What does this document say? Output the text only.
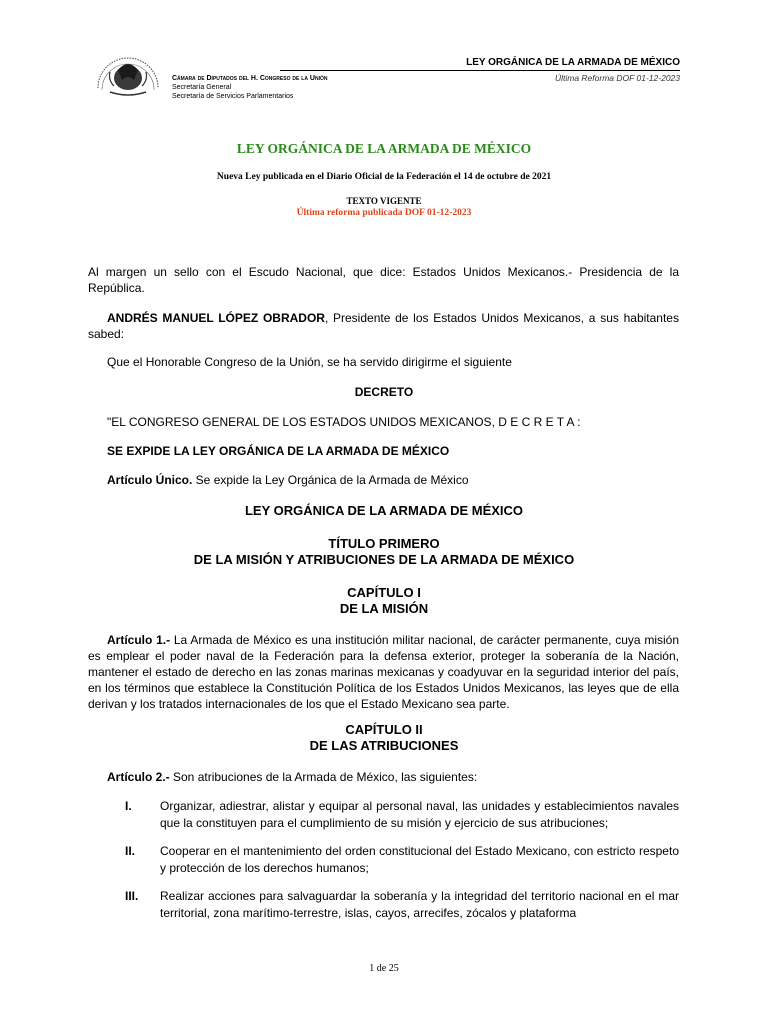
Cámara de Diputados del H. Congreso de la Unión
Secretaría General
Secretaría de Servicios Parlamentarios
LEY ORGÁNICA DE LA ARMADA DE MÉXICO
Última Reforma DOF 01-12-2023
LEY ORGÁNICA DE LA ARMADA DE MÉXICO
Nueva Ley publicada en el Diario Oficial de la Federación el 14 de octubre de 2021
TEXTO VIGENTE
Última reforma publicada DOF 01-12-2023
Al margen un sello con el Escudo Nacional, que dice: Estados Unidos Mexicanos.- Presidencia de la República.
ANDRÉS MANUEL LÓPEZ OBRADOR, Presidente de los Estados Unidos Mexicanos, a sus habitantes sabed:
Que el Honorable Congreso de la Unión, se ha servido dirigirme el siguiente
DECRETO
"EL CONGRESO GENERAL DE LOS ESTADOS UNIDOS MEXICANOS, D E C R E T A :
SE EXPIDE LA LEY ORGÁNICA DE LA ARMADA DE MÉXICO
Artículo Único. Se expide la Ley Orgánica de la Armada de México
LEY ORGÁNICA DE LA ARMADA DE MÉXICO
TÍTULO PRIMERO
DE LA MISIÓN Y ATRIBUCIONES DE LA ARMADA DE MÉXICO
CAPÍTULO I
DE LA MISIÓN
Artículo 1.- La Armada de México es una institución militar nacional, de carácter permanente, cuya misión es emplear el poder naval de la Federación para la defensa exterior, proteger la soberanía de la Nación, mantener el estado de derecho en las zonas marinas mexicanas y coadyuvar en la seguridad interior del país, en los términos que establece la Constitución Política de los Estados Unidos Mexicanos, las leyes que de ella derivan y los tratados internacionales de los que el Estado Mexicano sea parte.
CAPÍTULO II
DE LAS ATRIBUCIONES
Artículo 2.- Son atribuciones de la Armada de México, las siguientes:
I. Organizar, adiestrar, alistar y equipar al personal naval, las unidades y establecimientos navales que la constituyen para el cumplimiento de su misión y ejercicio de sus atribuciones;
II. Cooperar en el mantenimiento del orden constitucional del Estado Mexicano, con estricto respeto y protección de los derechos humanos;
III. Realizar acciones para salvaguardar la soberanía y la integridad del territorio nacional en el mar territorial, zona marítimo-terrestre, islas, cayos, arrecifes, zócalos y plataforma
1 de 25
